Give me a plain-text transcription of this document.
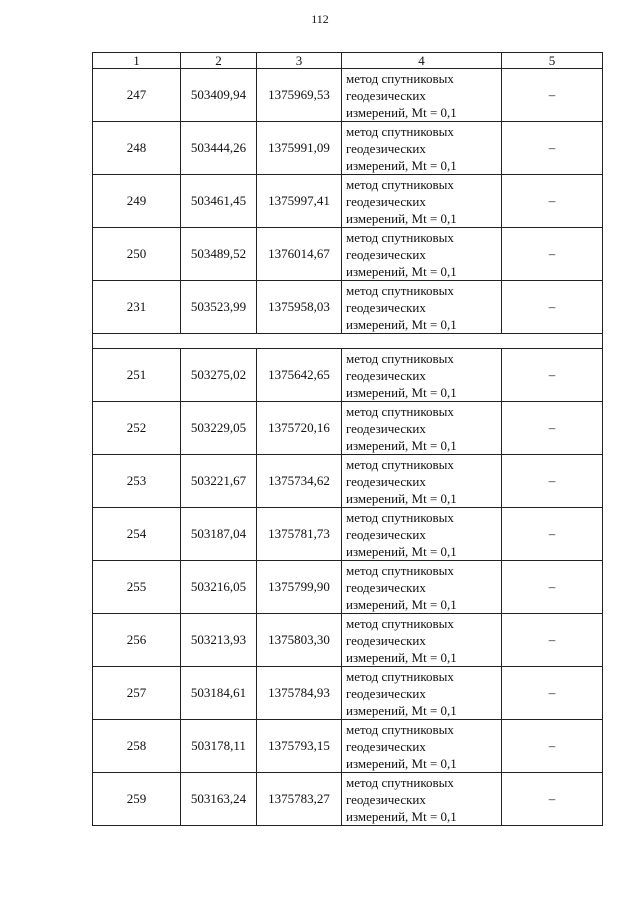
112
1	2	3	4	5
247	503409,94	1375969,53	метод спутниковых
геодезических
измерений, Mt = 0,1	–
248	503444,26	1375991,09	метод спутниковых
геодезических
измерений, Mt = 0,1	–
249	503461,45	1375997,41	метод спутниковых
геодезических
измерений, Mt = 0,1	–
250	503489,52	1376014,67	метод спутниковых
геодезических
измерений, Mt = 0,1	–
231	503523,99	1375958,03	метод спутниковых
геодезических
измерений, Mt = 0,1	–

251	503275,02	1375642,65	метод спутниковых
геодезических
измерений, Mt = 0,1	–
252	503229,05	1375720,16	метод спутниковых
геодезических
измерений, Mt = 0,1	–
253	503221,67	1375734,62	метод спутниковых
геодезических
измерений, Mt = 0,1	–
254	503187,04	1375781,73	метод спутниковых
геодезических
измерений, Mt = 0,1	–
255	503216,05	1375799,90	метод спутниковых
геодезических
измерений, Mt = 0,1	–
256	503213,93	1375803,30	метод спутниковых
геодезических
измерений, Mt = 0,1	–
257	503184,61	1375784,93	метод спутниковых
геодезических
измерений, Mt = 0,1	–
258	503178,11	1375793,15	метод спутниковых
геодезических
измерений, Mt = 0,1	–
259	503163,24	1375783,27	метод спутниковых
геодезических
измерений, Mt = 0,1	–
